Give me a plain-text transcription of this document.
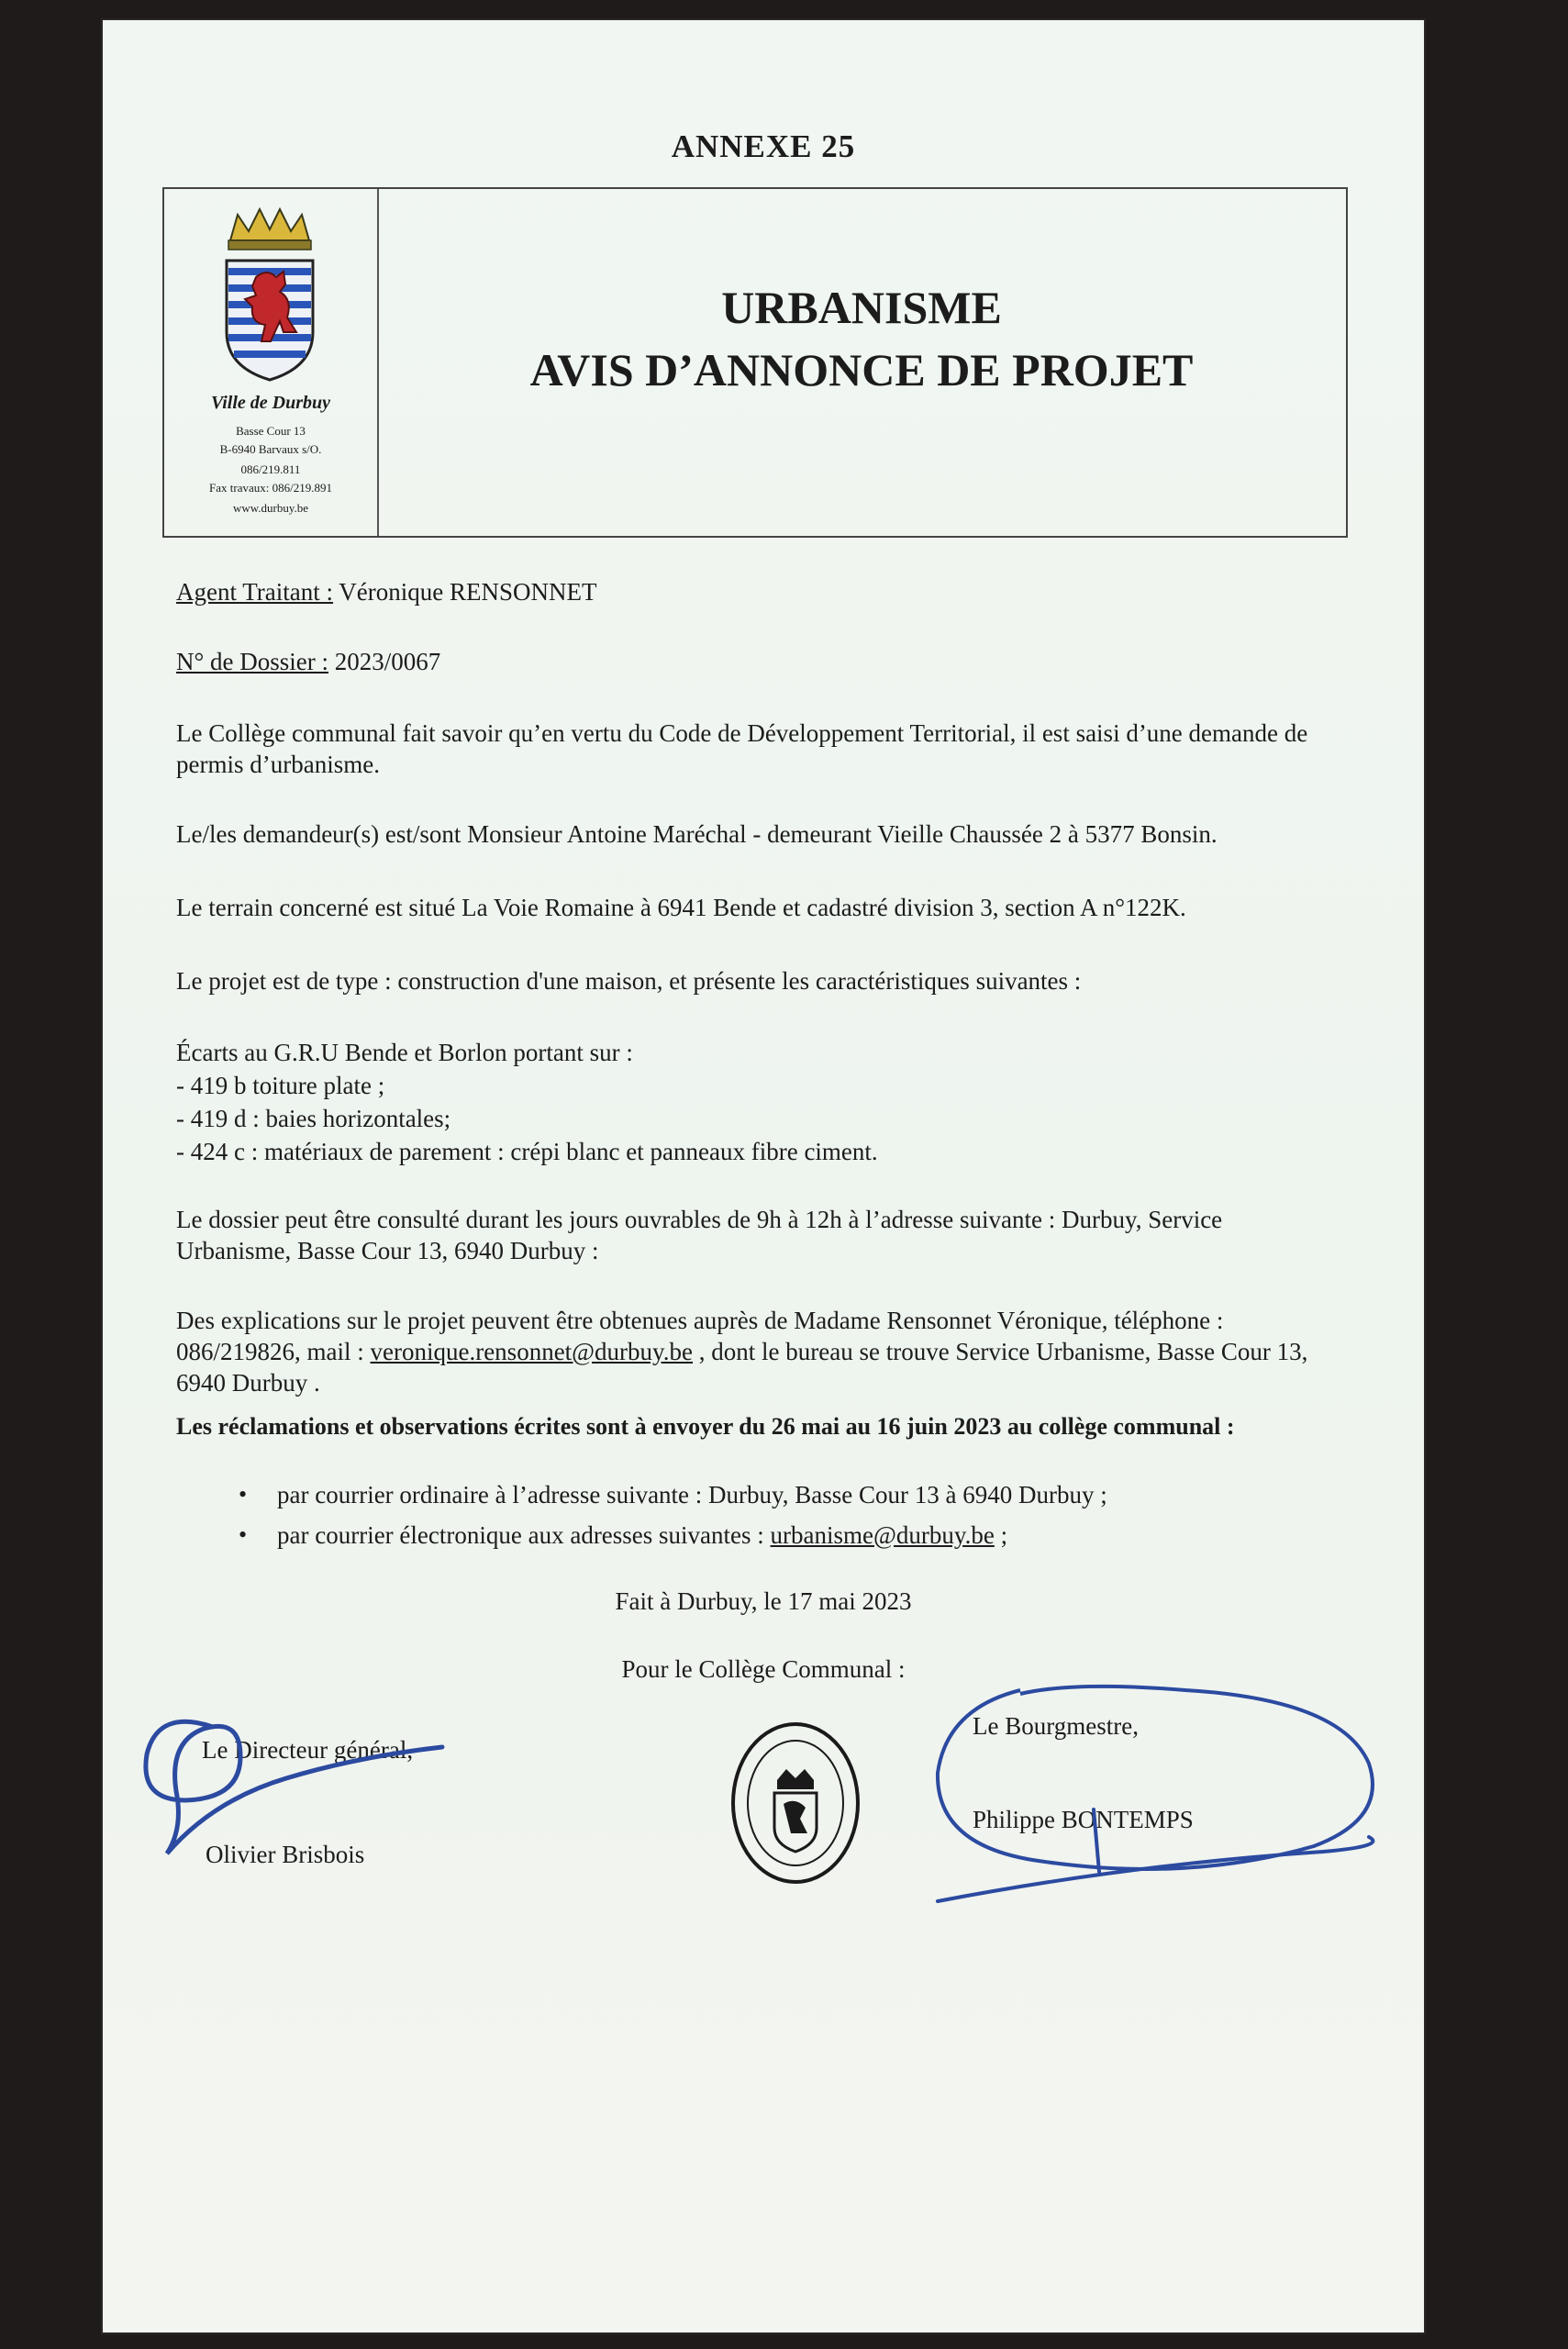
ANNEXE 25
Ville de Durbuy
Basse Cour 13
B-6940 Barvaux s/O.
086/219.811
Fax travaux: 086/219.891
www.durbuy.be
URBANISME
AVIS D’ANNONCE DE PROJET
Agent Traitant : Véronique RENSONNET
N° de Dossier : 2023/0067
Le Collège communal fait savoir qu’en vertu du Code de Développement Territorial, il est saisi d’une demande de permis d’urbanisme.
Le/les demandeur(s) est/sont Monsieur Antoine Maréchal - demeurant Vieille Chaussée 2 à 5377 Bonsin.
Le terrain concerné est situé La Voie Romaine à 6941 Bende et cadastré division 3, section A n°122K.
Le projet est de type : construction d'une maison, et présente les caractéristiques suivantes :
Écarts au G.R.U Bende et Borlon portant sur :
- 419 b toiture plate ;
- 419 d : baies horizontales;
- 424 c : matériaux de parement : crépi blanc et panneaux fibre ciment.
Le dossier peut être consulté durant les jours ouvrables de 9h à 12h à l’adresse suivante : Durbuy, Service Urbanisme, Basse Cour 13, 6940 Durbuy :
Des explications sur le projet peuvent être obtenues auprès de Madame Rensonnet Véronique, téléphone : 086/219826, mail : veronique.rensonnet@durbuy.be , dont le bureau se trouve Service Urbanisme, Basse Cour 13, 6940 Durbuy .
Les réclamations et observations écrites sont à envoyer du 26 mai au 16 juin 2023 au collège communal :
• par courrier ordinaire à l’adresse suivante : Durbuy, Basse Cour 13 à 6940 Durbuy ;
• par courrier électronique aux adresses suivantes : urbanisme@durbuy.be ;
Fait à Durbuy, le 17 mai 2023
Pour le Collège Communal :
Le Directeur général,
Olivier Brisbois
Le Bourgmestre,
Philippe BONTEMPS
